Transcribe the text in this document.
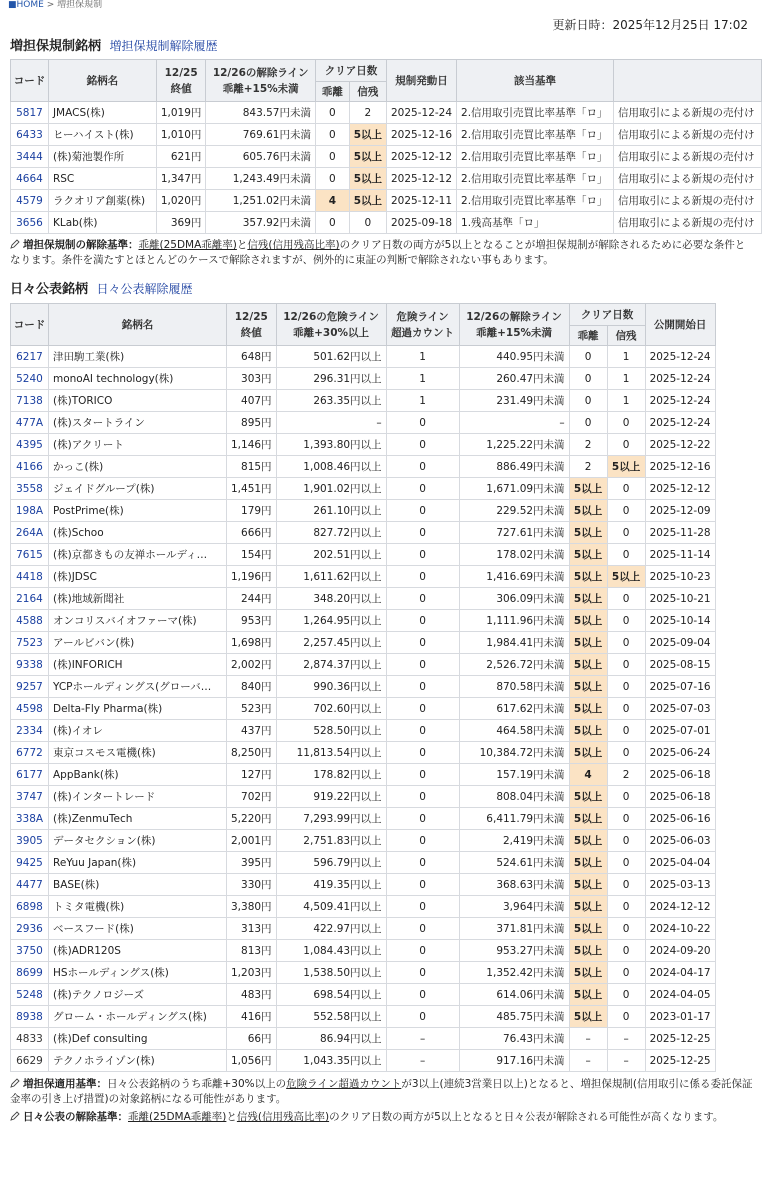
■HOME > 増担保規制
更新日時：2025年12月25日 17:02
増担保規制銘柄 増担保規制解除履歴
コード	銘柄名	12/25
終値	12/26の解除ライン
乖離+15%未満	クリア日数		規制発動日	該当基準	
				乖離	信残			
5817	JMACS(株)	1,019円	843.57円未満	0	2	2025-12-24	2.信用取引売買比率基準「ロ」	信用取引による新規の売付け
6433	ヒーハイスト(株)	1,010円	769.61円未満	0	5以上	2025-12-16	2.信用取引売買比率基準「ロ」	信用取引による新規の売付け
3444	(株)菊池製作所	621円	605.76円未満	0	5以上	2025-12-12	2.信用取引売買比率基準「ロ」	信用取引による新規の売付け
4664	RSC	1,347円	1,243.49円未満	0	5以上	2025-12-12	2.信用取引売買比率基準「ロ」	信用取引による新規の売付け
4579	ラクオリア創薬(株)	1,020円	1,251.02円未満	4	5以上	2025-12-11	2.信用取引売買比率基準「ロ」	信用取引による新規の売付け
3656	KLab(株)	369円	357.92円未満	0	0	2025-09-18	1.残高基準「ロ」	信用取引による新規の売付け
増担保規制の解除基準：乖離(25DMA乖離率)と信残(信用残高比率)のクリア日数の両方が5以上となることが増担保規制が解除されるために必要な条件となります。条件を満たすとほとんどのケースで解除されますが、例外的に東証の判断で解除されない事もあります。
日々公表銘柄 日々公表解除履歴
コード	銘柄名	12/25
終値	12/26の危険ライン
乖離+30%以上	危険ライン
超過カウント	12/26の解除ライン
乖離+15%未満	クリア日数		公開開始日
						乖離	信残	
6217	津田駒工業(株)	648円	501.62円以上	1	440.95円未満	0	1	2025-12-24
5240	monoAI technology(株)	303円	296.31円以上	1	260.47円未満	0	1	2025-12-24
7138	(株)TORICO	407円	263.35円以上	1	231.49円未満	0	1	2025-12-24
477A	(株)スタートライン	895円	–	0	–	0	0	2025-12-24
4395	(株)アクリート	1,146円	1,393.80円以上	0	1,225.22円未満	2	0	2025-12-22
4166	かっこ(株)	815円	1,008.46円以上	0	886.49円未満	2	5以上	2025-12-16
3558	ジェイドグループ(株)	1,451円	1,901.02円以上	0	1,671.09円未満	5以上	0	2025-12-12
198A	PostPrime(株)	179円	261.10円以上	0	229.52円未満	5以上	0	2025-12-09
264A	(株)Schoo	666円	827.72円以上	0	727.61円未満	5以上	0	2025-11-28
7615	(株)京都きもの友禅ホールディ…	154円	202.51円以上	0	178.02円未満	5以上	0	2025-11-14
4418	(株)JDSC	1,196円	1,611.62円以上	0	1,416.69円未満	5以上	5以上	2025-10-23
2164	(株)地域新聞社	244円	348.20円以上	0	306.09円未満	5以上	0	2025-10-21
4588	オンコリスバイオファーマ(株)	953円	1,264.95円以上	0	1,111.96円未満	5以上	0	2025-10-14
7523	アールビバン(株)	1,698円	2,257.45円以上	0	1,984.41円未満	5以上	0	2025-09-04
9338	(株)INFORICH	2,002円	2,874.37円以上	0	2,526.72円未満	5以上	0	2025-08-15
9257	YCPホールディングス(グローバ…	840円	990.36円以上	0	870.58円未満	5以上	0	2025-07-16
4598	Delta-Fly Pharma(株)	523円	702.60円以上	0	617.62円未満	5以上	0	2025-07-03
2334	(株)イオレ	437円	528.50円以上	0	464.58円未満	5以上	0	2025-07-01
6772	東京コスモス電機(株)	8,250円	11,813.54円以上	0	10,384.72円未満	5以上	0	2025-06-24
6177	AppBank(株)	127円	178.82円以上	0	157.19円未満	4	2	2025-06-18
3747	(株)インタートレード	702円	919.22円以上	0	808.04円未満	5以上	0	2025-06-18
338A	(株)ZenmuTech	5,220円	7,293.99円以上	0	6,411.79円未満	5以上	0	2025-06-16
3905	データセクション(株)	2,001円	2,751.83円以上	0	2,419円未満	5以上	0	2025-06-03
9425	ReYuu Japan(株)	395円	596.79円以上	0	524.61円未満	5以上	0	2025-04-04
4477	BASE(株)	330円	419.35円以上	0	368.63円未満	5以上	0	2025-03-13
6898	トミタ電機(株)	3,380円	4,509.41円以上	0	3,964円未満	5以上	0	2024-12-12
2936	ベースフード(株)	313円	422.97円以上	0	371.81円未満	5以上	0	2024-10-22
3750	(株)ADR120S	813円	1,084.43円以上	0	953.27円未満	5以上	0	2024-09-20
8699	HSホールディングス(株)	1,203円	1,538.50円以上	0	1,352.42円未満	5以上	0	2024-04-17
5248	(株)テクノロジーズ	483円	698.54円以上	0	614.06円未満	5以上	0	2024-04-05
8938	グローム・ホールディングス(株)	416円	552.58円以上	0	485.75円未満	5以上	0	2023-01-17
4833	(株)Def consulting	66円	86.94円以上	–	76.43円未満	–	–	2025-12-25
6629	テクノホライゾン(株)	1,056円	1,043.35円以上	–	917.16円未満	–	–	2025-12-25
増担保適用基準：日々公表銘柄のうち乖離+30%以上の危険ライン超過カウントが3以上(連続3営業日以上)となると、増担保規制(信用取引に係る委託保証金率の引き上げ措置)の対象銘柄になる可能性があります。
日々公表の解除基準：乖離(25DMA乖離率)と信残(信用残高比率)のクリア日数の両方が5以上となると日々公表が解除される可能性が高くなります。
